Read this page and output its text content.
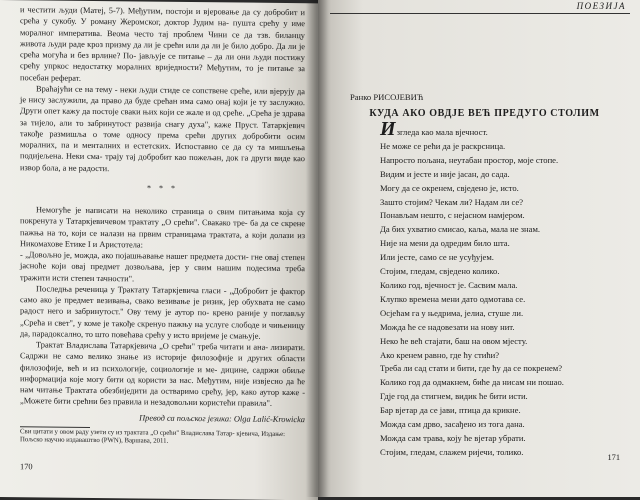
и честити људи (Матеј, 5-7). Међутим, постоји и вјеровање да су добробит и срећа у сукобу. У роману Жеромског, доктор Јудим на- пушта срећу у име моралног императива. Веома често тај проблем Чини се да тзв. биланцу живота људи раде кроз призму да ли је срећн или да ли је било добро. Да ли је срећа могућа и без врлине? По- јављује се питање – да ли они људи постижу срећу упркос недостатку моралних вриједности? Међутим, то је питање за посебан реферат.

Враћајући се на тему - неки људи стиде се сопствене среће, или вјерују да је нису заслужили, да право да буде срећан има само онај који је ту заслужио. Други опет кажу да постоје сваки њих који се жале и од среће. „Срећа је здрава за тијело, али то забринутост развија снагу духа", каже Пруст. Татаркјевич такође размишља о томе односу према срећи других добробити осим моралних, па и менталних и естетских. Испоставио се да су та мишљења подијељена. Неки сма- трају тај добробит као пожељан, док га други виде као извор бола, а не радости.

* * *

Немогуће је написати на неколико страница о свим питањима која су покренута у Татаркјевичевом трактату „О срећи". Свакако тре- ба да се скрене пажња на то, који се налази на првим страницама трактата, а који долази из Никомахове Етике I и Аристотела:

- „Довољно је, можда, ако појашњавање нашег предмета дости- гне овај степен јасноће који овај предмет дозвољава, јер у свим нашим подесима треба тражити исти степен тачности".

Последња реченица у Трактату Татаркјевича гласи - „Добробит је фактор само ако је предмет везивања, свако везивање је ризик, јер обухвата не само радост него и забринутост." Ову тему је аутор по- крено раније у поглављу „Срећа и свет", у коме је такође скренуо пажњу на услуге слободе и чињеницу да, парадоксално, то што повећава срећу у исто вријеме је смањује.

Трактат Владислава Татаркјевича „О срећи" треба читати и ана- лизирати. Садржи не само велико знање из историје филозофије и других области филозофије, већ и из психологије, социологије и ме- дицине, садржи обиље информација које могу бити од користи за нас. Међутим, није извјесно да ће нам читање Трактата обезбиједити да остваримо срећу, јер, како аутор каже - „Можете бити срећни без правила и незадовољни користећи правила".

Превод са пољског језика: Olga Lalić-Krowicka
Сви цитати у овом раду узети су из трактата „О срећи" Владислава Татар- кјевича, Издање: Пољско научно издаваштво (PWN), Варшава, 2011.
170
ПОЕЗИЈА
Ранко РИСОЈЕВИЋ
КУДА АКО ОВДЈЕ ВЕЋ ПРЕДУГО СТОЛИМ
Изгледа као мала вјечност.
Не може се рећи да је раскрсница.
Напросто пољана, неутабан простор, моје стопе.
Видим и јесте и није јасан, до сада.
Могу да се окренем, свједено је, исто.
Зашто стојим? Чекам ли? Надам ли се?
Понављам нешто, с нејасном намјером.
Да бих ухватио смисао, каља, мала не знам.
Није на мени да одредим било шта.
Или јесте, само се не усуђујем.
Стојим, гледам, свједено колико.
Колико год, вјечност је. Сасвим мала.
Клупко времена мени дато одмотава се.
Осјећам га у њедрима, јелиа, стуше ли.
Можда ће се надовезати на нову нит.
Неко ће већ стајати, баш на овом мјесту.
Ако кренем равно, где ћу стићи?
Треба ли сад стати и бити, где ћу да се покренем?
Колико год да одмакнем, биће да нисам ни пошао.
Гдје год да стигнем, видик ће бити исти.
Бар вјетар да се јави, птица да крикне.
Можда сам дрво, засађено из тога дана.
Можда сам трава, коју ће вјетар убрати.
Стојим, гледам, слажем ријечи, толико.
171
